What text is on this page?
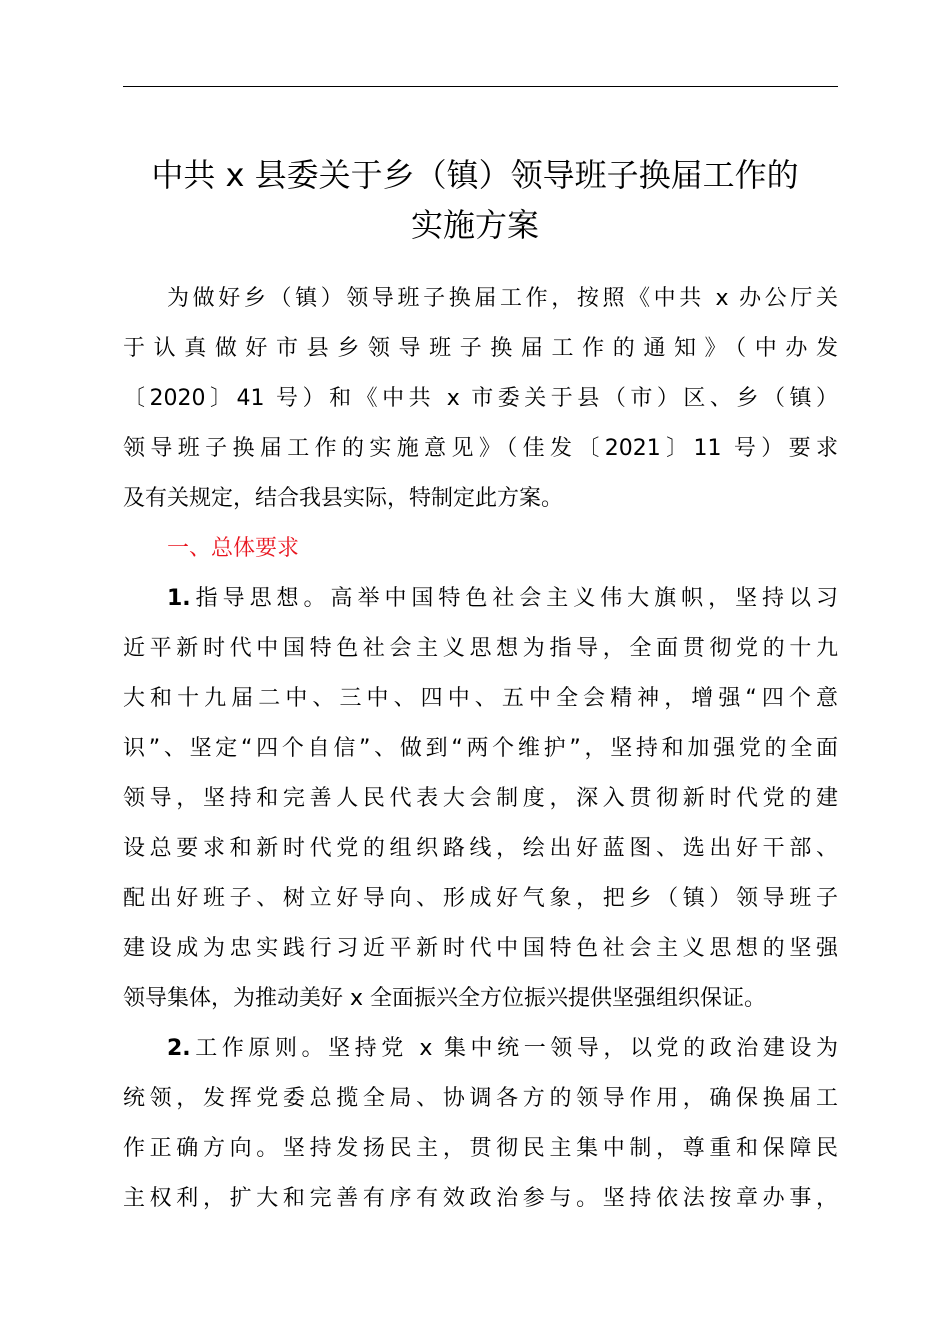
中共 x 县委关于乡（镇）领导班子换届工作的
实施方案

为做好乡（镇）领导班子换届工作，按照《中共 x 办公厅关
于认真做好市县乡领导班子换届工作的通知》（中办发
〔2020〕41 号）和《中共 x 市委关于县（市）区、乡（镇）
领导班子换届工作的实施意见》（佳发〔2021〕11 号）要求
及有关规定，结合我县实际，特制定此方案。

一、总体要求

1.指导思想。高举中国特色社会主义伟大旗帜，坚持以习
近平新时代中国特色社会主义思想为指导，全面贯彻党的十九
大和十九届二中、三中、四中、五中全会精神，增强“四个意
识”、坚定“四个自信”、做到“两个维护”，坚持和加强党的全面
领导，坚持和完善人民代表大会制度，深入贯彻新时代党的建
设总要求和新时代党的组织路线，绘出好蓝图、选出好干部、
配出好班子、树立好导向、形成好气象，把乡（镇）领导班子
建设成为忠实践行习近平新时代中国特色社会主义思想的坚强
领导集体，为推动美好 x 全面振兴全方位振兴提供坚强组织保证。

2.工作原则。坚持党 x 集中统一领导，以党的政治建设为
统领，发挥党委总揽全局、协调各方的领导作用，确保换届工
作正确方向。坚持发扬民主，贯彻民主集中制，尊重和保障民
主权利，扩大和完善有序有效政治参与。坚持依法按章办事，
